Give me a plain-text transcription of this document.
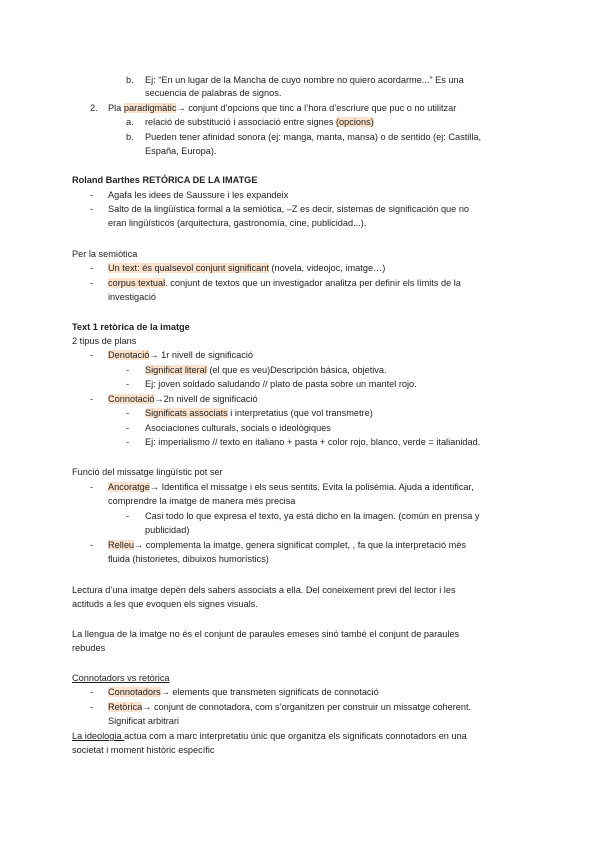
b. Ej: “En un lugar de la Mancha de cuyo nombre no quiero acordarme...” Es una
secuencia de palabras de signos.
2. Pla paradigmàtic→ conjunt d’opcions que tinc a l’hora d’escriure que puc o no utilitzar
a. relació de substitució i associació entre signes (opcions)
b. Pueden tener afinidad sonora (ej: manga, manta, mansa) o de sentido (ej: Castilla,
España, Europa).
Roland Barthes RETÓRICA DE LA IMATGE
- Agafa les idees de Saussure i les expandeix
- Salto de la lingüística formal a la semiótica, –Z es decir, sistemas de significación que no
eran lingüísticos (arquitectura, gastronomía, cine, publicidad...).
Per la semiòtica
- Un text: és qualsevol conjunt significant (novela, videojoc, imatge…)
- corpus textual. conjunt de textos que un investigador analitza per definir els límits de la
investigació
Text 1 retòrica de la imatge
2 tipus de plans
- Denotació→ 1r nivell de significació
- Significat literal (el que es veu)Descripción básica, objetiva.
- Ej: joven soldado saludando // plato de pasta sobre un mantel rojo.
- Connotació→2n nivell de significació
- Significats associats i interpretatius (que vol transmetre)
- Asociaciones culturals, socials o ideològiques
- Ej: imperialismo // texto en italiano + pasta + color rojo, blanco, verde = italianidad.
Funció del missatge lingüístic pot ser
- Ancoratge→ Identifica el missatge i els seus sentits. Evita la polisèmia. Ajuda a identificar,
comprendre la imatge de manera més precisa
- Casi todo lo que expresa el texto, ya está dicho en la imagen. (común en prensa y
publicidad)
- Relleu→ complementa la imatge, genera significat complet, , fa que la interpretació més
fluida (historietes, dibuixos humorístics)
Lectura d’una imatge depèn dels sabers associats a ella. Del coneixement previ del lector i les
actituds a les que evoquen els signes visuals.
La llengua de la imatge no és el conjunt de paraules emeses sinó també el conjunt de paraules
rebudes
Connotadors vs retòrica
- Connotadors→ elements que transmeten significats de connotació
- Retòrica→ conjunt de connotadora, com s’organitzen per construir un missatge coherent.
Significat arbitrari
La ideologia actua com a marc interpretatiu únic que organitza els significats connotadors en una
societat i moment històric específic
